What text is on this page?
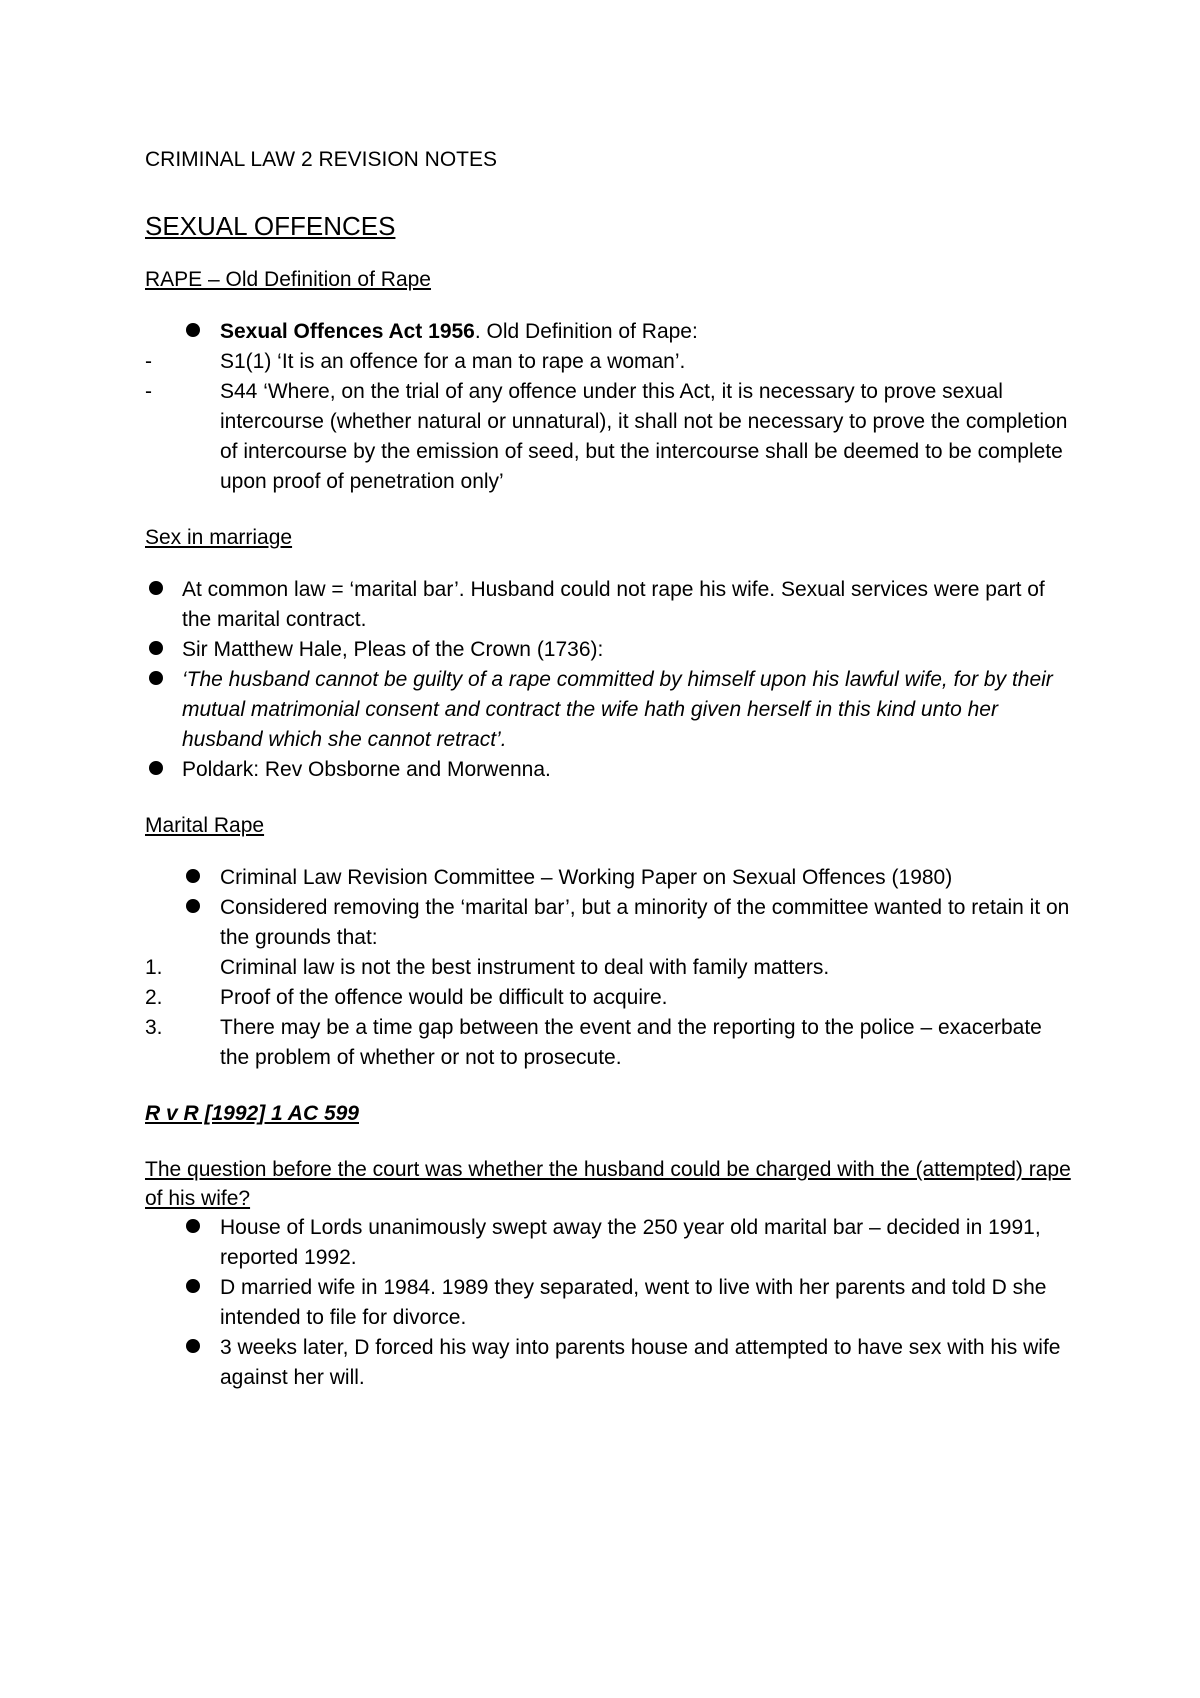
CRIMINAL LAW 2 REVISION NOTES
SEXUAL OFFENCES
RAPE – Old Definition of Rape
Sexual Offences Act 1956. Old Definition of Rape:
-	S1(1) ‘It is an offence for a man to rape a woman’.
-	S44 ‘Where, on the trial of any offence under this Act, it is necessary to prove sexual intercourse (whether natural or unnatural), it shall not be necessary to prove the completion of intercourse by the emission of seed, but the intercourse shall be deemed to be complete upon proof of penetration only’
Sex in marriage
At common law = ‘marital bar’. Husband could not rape his wife. Sexual services were part of the marital contract.
Sir Matthew Hale, Pleas of the Crown (1736):
‘The husband cannot be guilty of a rape committed by himself upon his lawful wife, for by their mutual matrimonial consent and contract the wife hath given herself in this kind unto her husband which she cannot retract’.
Poldark: Rev Obsborne and Morwenna.
Marital Rape
Criminal Law Revision Committee – Working Paper on Sexual Offences (1980)
Considered removing the ‘marital bar’, but a minority of the committee wanted to retain it on the grounds that:
1.	Criminal law is not the best instrument to deal with family matters.
2.	Proof of the offence would be difficult to acquire.
3.	There may be a time gap between the event and the reporting to the police – exacerbate the problem of whether or not to prosecute.
R v R [1992] 1 AC 599
The question before the court was whether the husband could be charged with the (attempted) rape of his wife?
House of Lords unanimously swept away the 250 year old marital bar – decided in 1991, reported 1992.
D married wife in 1984. 1989 they separated, went to live with her parents and told D she intended to file for divorce.
3 weeks later, D forced his way into parents house and attempted to have sex with his wife against her will.
